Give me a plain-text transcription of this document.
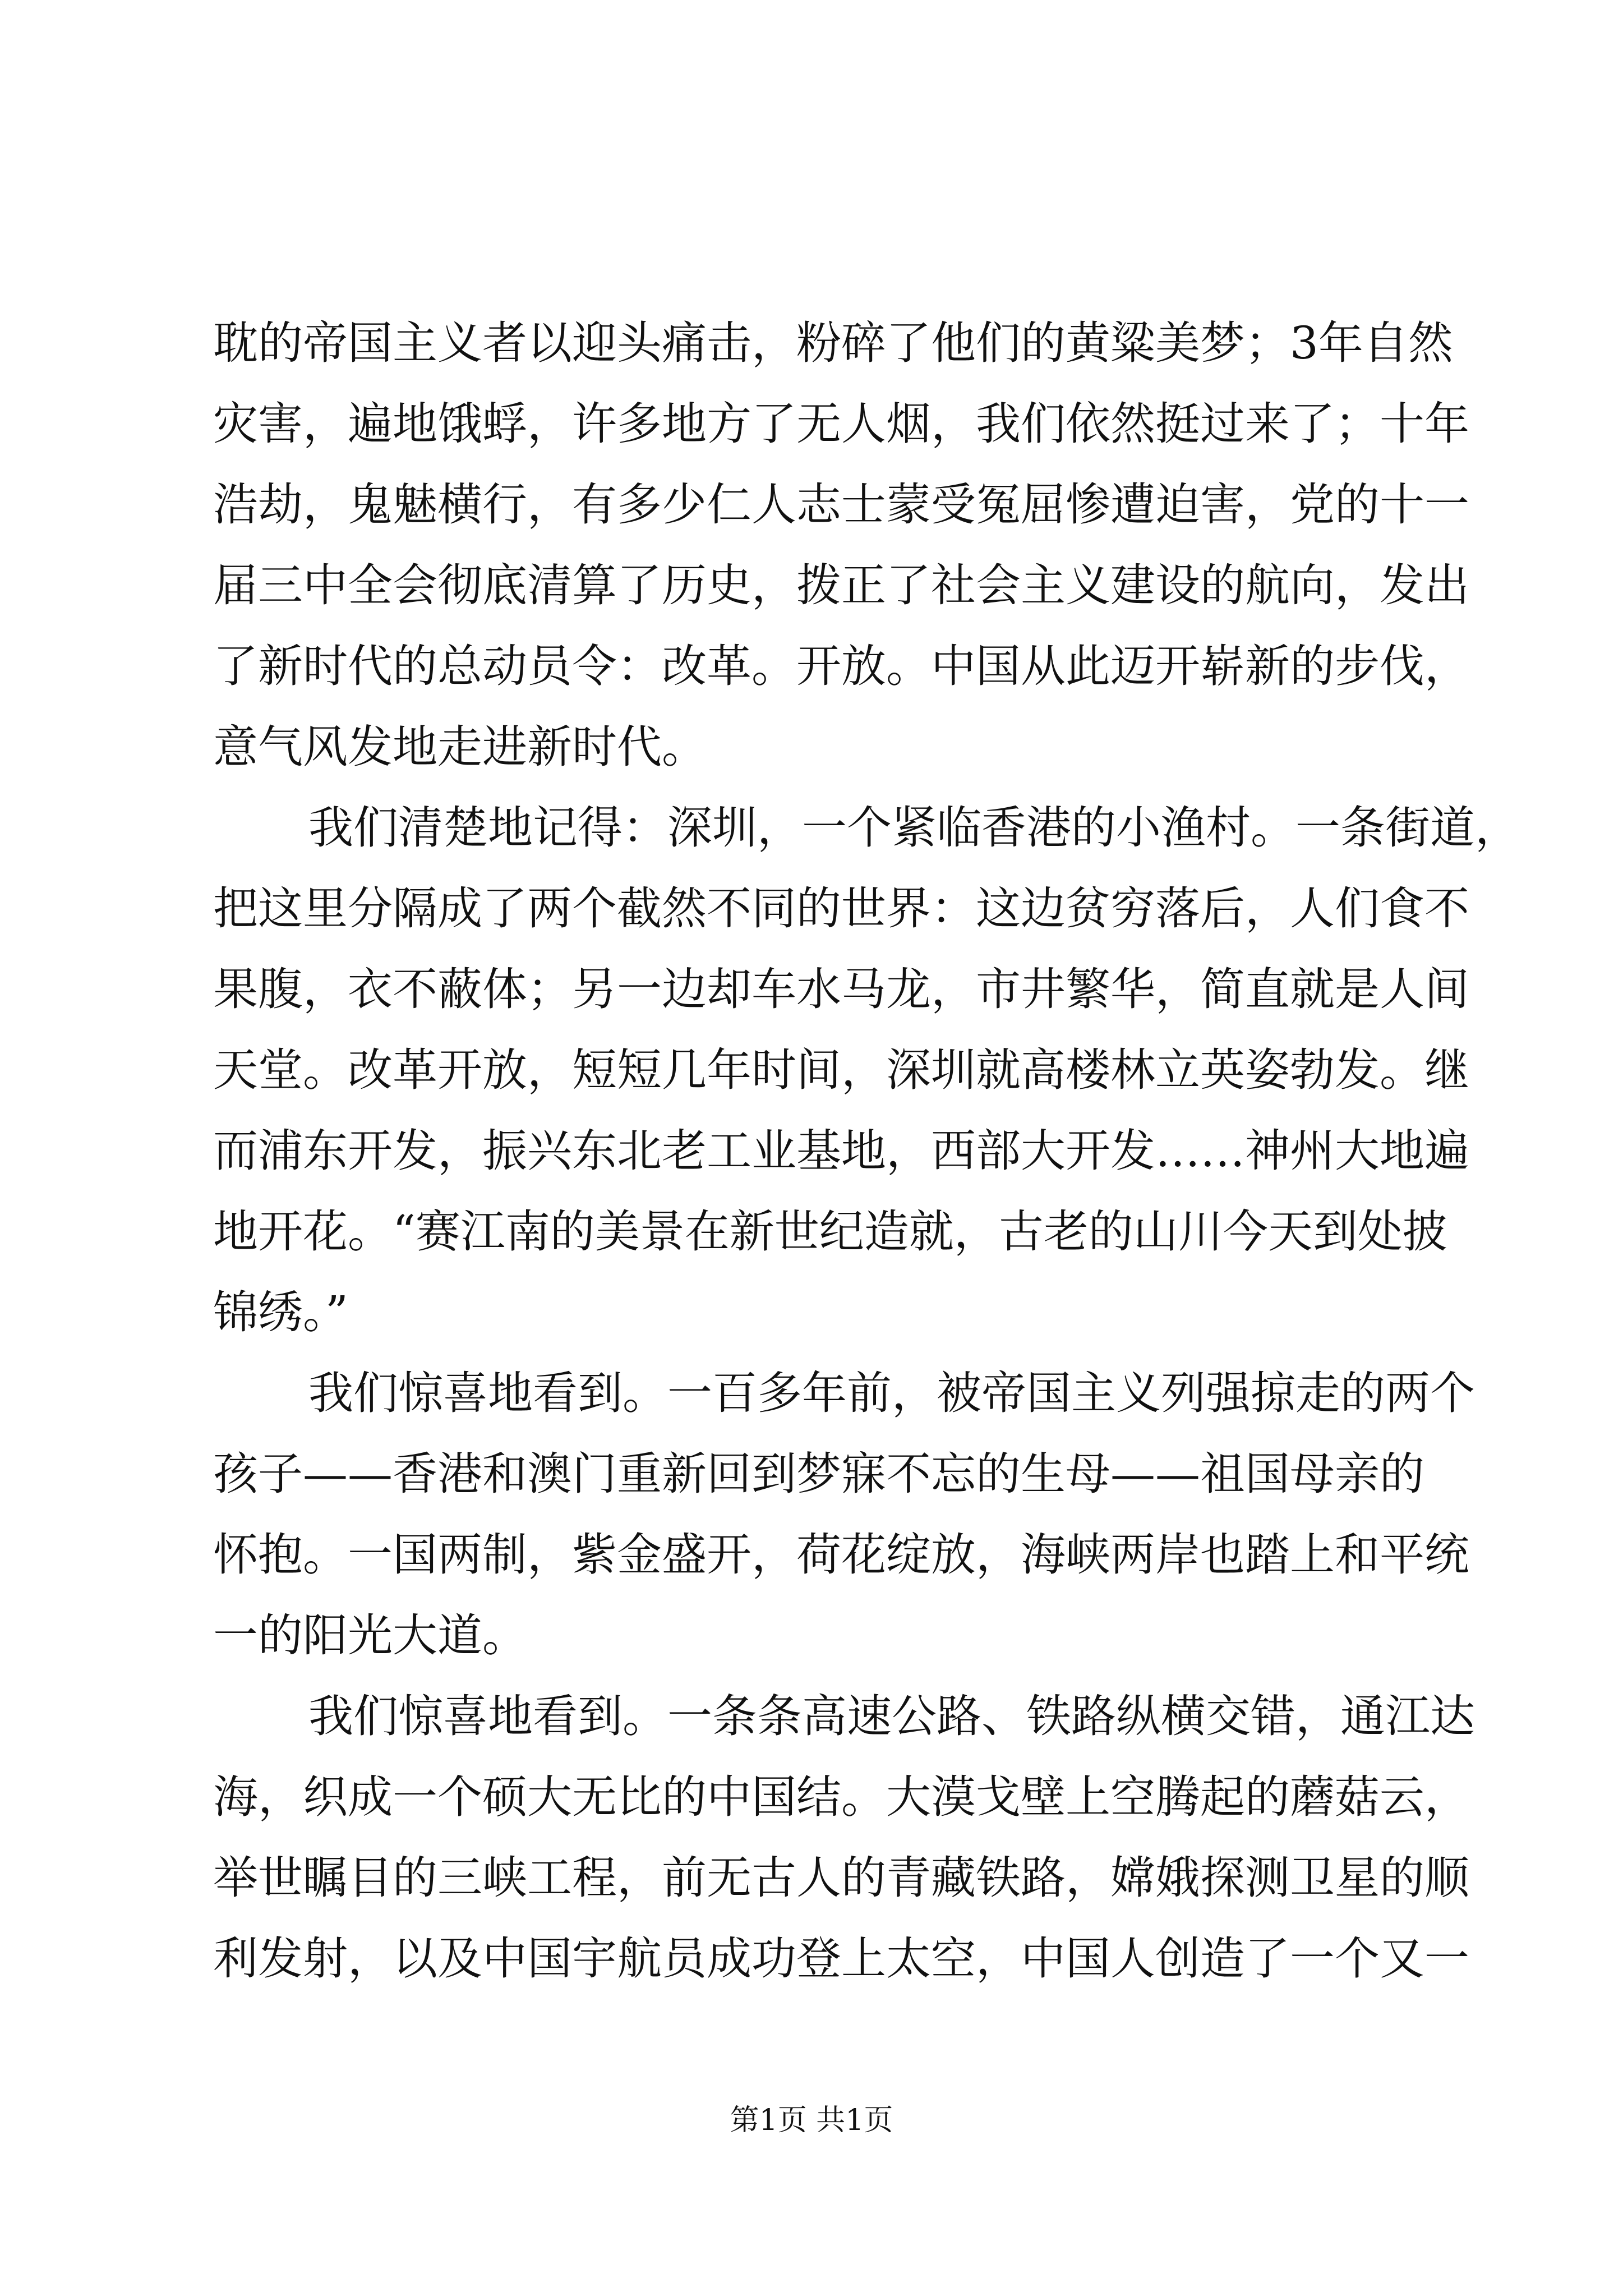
耽的帝国主义者以迎头痛击，粉碎了他们的黄粱美梦；3年自然
灾害，遍地饿蜉，许多地方了无人烟，我们依然挺过来了；十年
浩劫，鬼魅横行，有多少仁人志士蒙受冤屈惨遭迫害，党的十一
届三中全会彻底清算了历史，拨正了社会主义建设的航向，发出
了新时代的总动员令：改革。开放。中国从此迈开崭新的步伐，
意气风发地走进新时代。
我们清楚地记得：深圳，一个紧临香港的小渔村。一条街道，
把这里分隔成了两个截然不同的世界：这边贫穷落后，人们食不
果腹，衣不蔽体；另一边却车水马龙，市井繁华，简直就是人间
天堂。改革开放，短短几年时间，深圳就高楼林立英姿勃发。继
而浦东开发，振兴东北老工业基地，西部大开发……神州大地遍
地开花。“赛江南的美景在新世纪造就，古老的山川今天到处披
锦绣。”
我们惊喜地看到。一百多年前，被帝国主义列强掠走的两个
孩子——香港和澳门重新回到梦寐不忘的生母——祖国母亲的
怀抱。一国两制，紫金盛开，荷花绽放，海峡两岸也踏上和平统
一的阳光大道。
我们惊喜地看到。一条条高速公路、铁路纵横交错，通江达
海，织成一个硕大无比的中国结。大漠戈壁上空腾起的蘑菇云，
举世瞩目的三峡工程，前无古人的青藏铁路，嫦娥探测卫星的顺
利发射，以及中国宇航员成功登上太空，中国人创造了一个又一
第1页 共1页
